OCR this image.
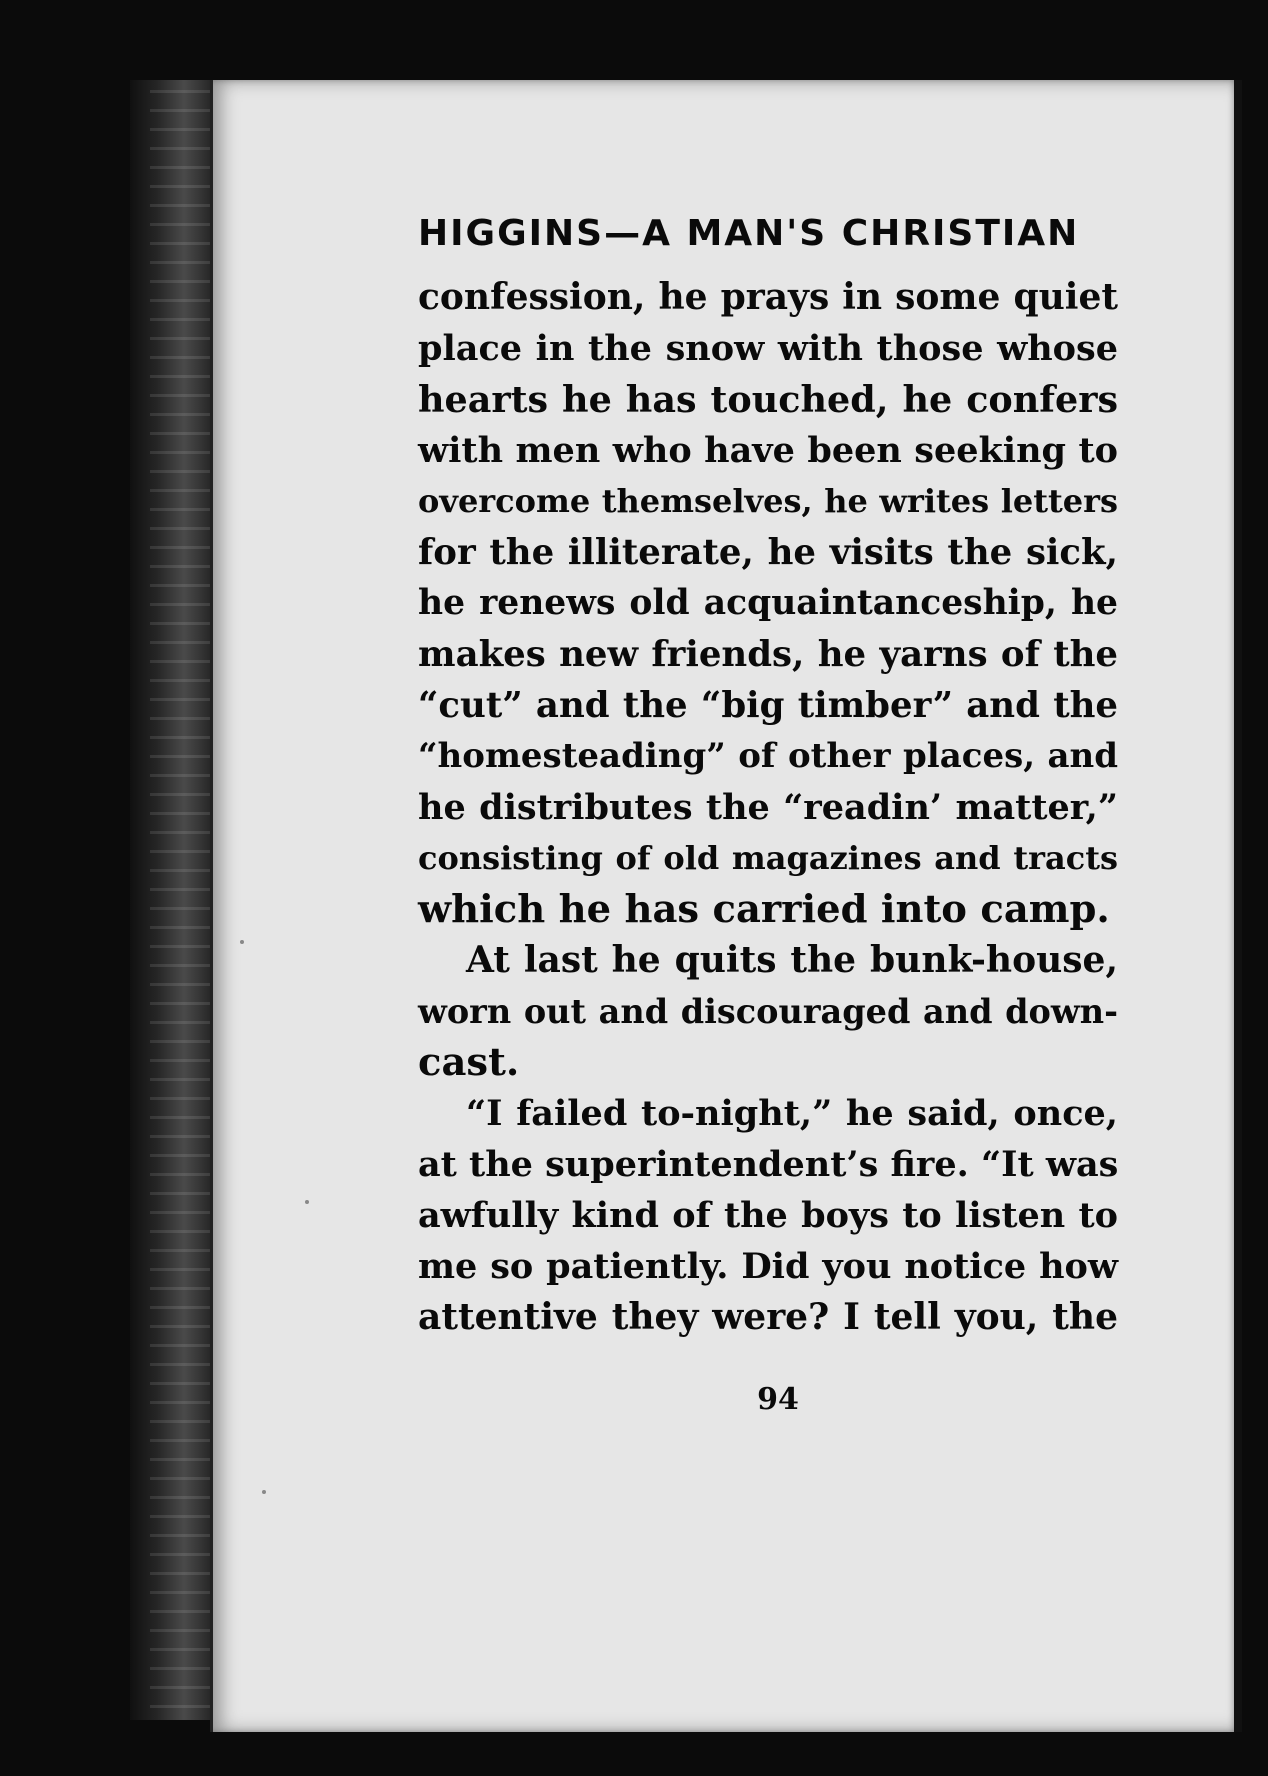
HIGGINS—A MAN'S CHRISTIAN
confession, he prays in some quiet
place in the snow with those whose
hearts he has touched, he confers
with men who have been seeking to
overcome themselves, he writes letters
for the illiterate, he visits the sick,
he renews old acquaintanceship, he
makes new friends, he yarns of the
“cut” and the “big timber” and the
“homesteading” of other places, and
he distributes the “readin’ matter,”
consisting of old magazines and tracts
which he has carried into camp.
At last he quits the bunk-house,
worn out and discouraged and down-
cast.
“I failed to-night,” he said, once,
at the superintendent’s fire. “It was
awfully kind of the boys to listen to
me so patiently. Did you notice how
attentive they were? I tell you, the
94
